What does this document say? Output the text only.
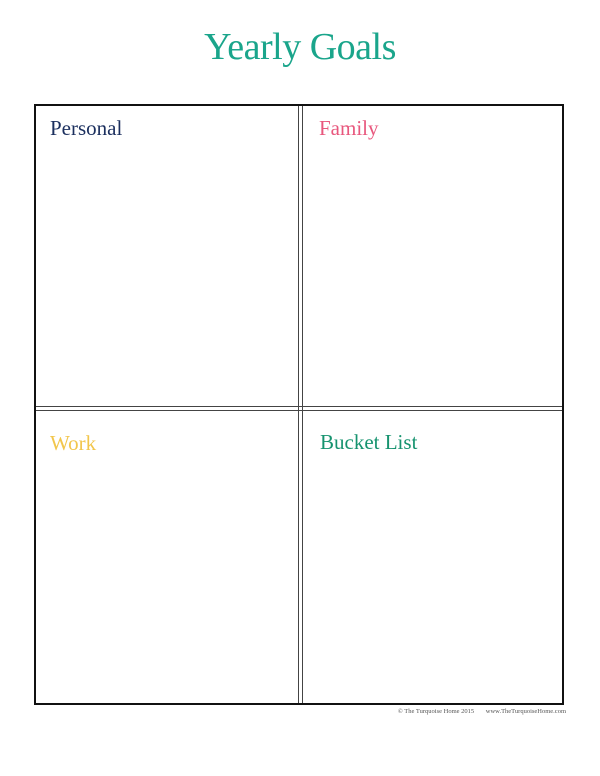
Yearly Goals
Personal	Family
Work	Bucket List
© The Turquoise Home 2015 www.TheTurquoiseHome.com
